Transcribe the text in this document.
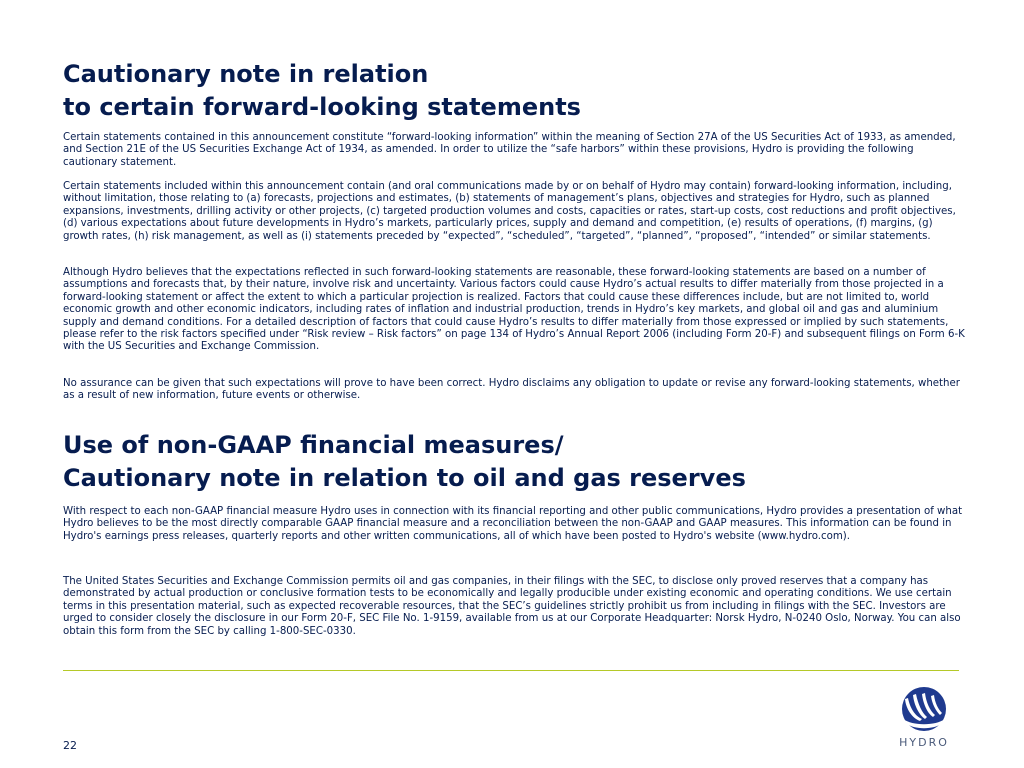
Cautionary note in relation
to certain forward-looking statements

Certain statements contained in this announcement constitute “forward-looking information” within the meaning of Section 27A of the US Securities Act of 1933, as amended, and Section 21E of the US Securities Exchange Act of 1934, as amended. In order to utilize the “safe harbors” within these provisions, Hydro is providing the following cautionary statement.

Certain statements included within this announcement contain (and oral communications made by or on behalf of Hydro may contain) forward-looking information, including, without limitation, those relating to (a) forecasts, projections and estimates, (b) statements of management’s plans, objectives and strategies for Hydro, such as planned expansions, investments, drilling activity or other projects, (c) targeted production volumes and costs, capacities or rates, start-up costs, cost reductions and profit objectives, (d) various expectations about future developments in Hydro’s markets, particularly prices, supply and demand and competition, (e) results of operations, (f) margins, (g) growth rates, (h) risk management, as well as (i) statements preceded by “expected”, “scheduled”, “targeted”, “planned”, “proposed”, “intended” or similar statements.

Although Hydro believes that the expectations reflected in such forward-looking statements are reasonable, these forward-looking statements are based on a number of assumptions and forecasts that, by their nature, involve risk and uncertainty. Various factors could cause Hydro’s actual results to differ materially from those projected in a forward-looking statement or affect the extent to which a particular projection is realized. Factors that could cause these differences include, but are not limited to, world economic growth and other economic indicators, including rates of inflation and industrial production, trends in Hydro’s key markets, and global oil and gas and aluminium supply and demand conditions. For a detailed description of factors that could cause Hydro’s results to differ materially from those expressed or implied by such statements, please refer to the risk factors specified under “Risk review – Risk factors” on page 134 of Hydro’s Annual Report 2006 (including Form 20-F) and subsequent filings on Form 6-K with the US Securities and Exchange Commission.

No assurance can be given that such expectations will prove to have been correct. Hydro disclaims any obligation to update or revise any forward-looking statements, whether as a result of new information, future events or otherwise.

Use of non-GAAP financial measures/
Cautionary note in relation to oil and gas reserves

With respect to each non-GAAP financial measure Hydro uses in connection with its financial reporting and other public communications, Hydro provides a presentation of what Hydro believes to be the most directly comparable GAAP financial measure and a reconciliation between the non-GAAP and GAAP measures. This information can be found in Hydro's earnings press releases, quarterly reports and other written communications, all of which have been posted to Hydro's website (www.hydro.com).

The United States Securities and Exchange Commission permits oil and gas companies, in their filings with the SEC, to disclose only proved reserves that a company has demonstrated by actual production or conclusive formation tests to be economically and legally producible under existing economic and operating conditions. We use certain terms in this presentation material, such as expected recoverable resources, that the SEC’s guidelines strictly prohibit us from including in filings with the SEC. Investors are urged to consider closely the disclosure in our Form 20-F, SEC File No. 1-9159, available from us at our Corporate Headquarter: Norsk Hydro, N-0240 Oslo, Norway. You can also obtain this form from the SEC by calling 1-800-SEC-0330.

22	HYDRO
